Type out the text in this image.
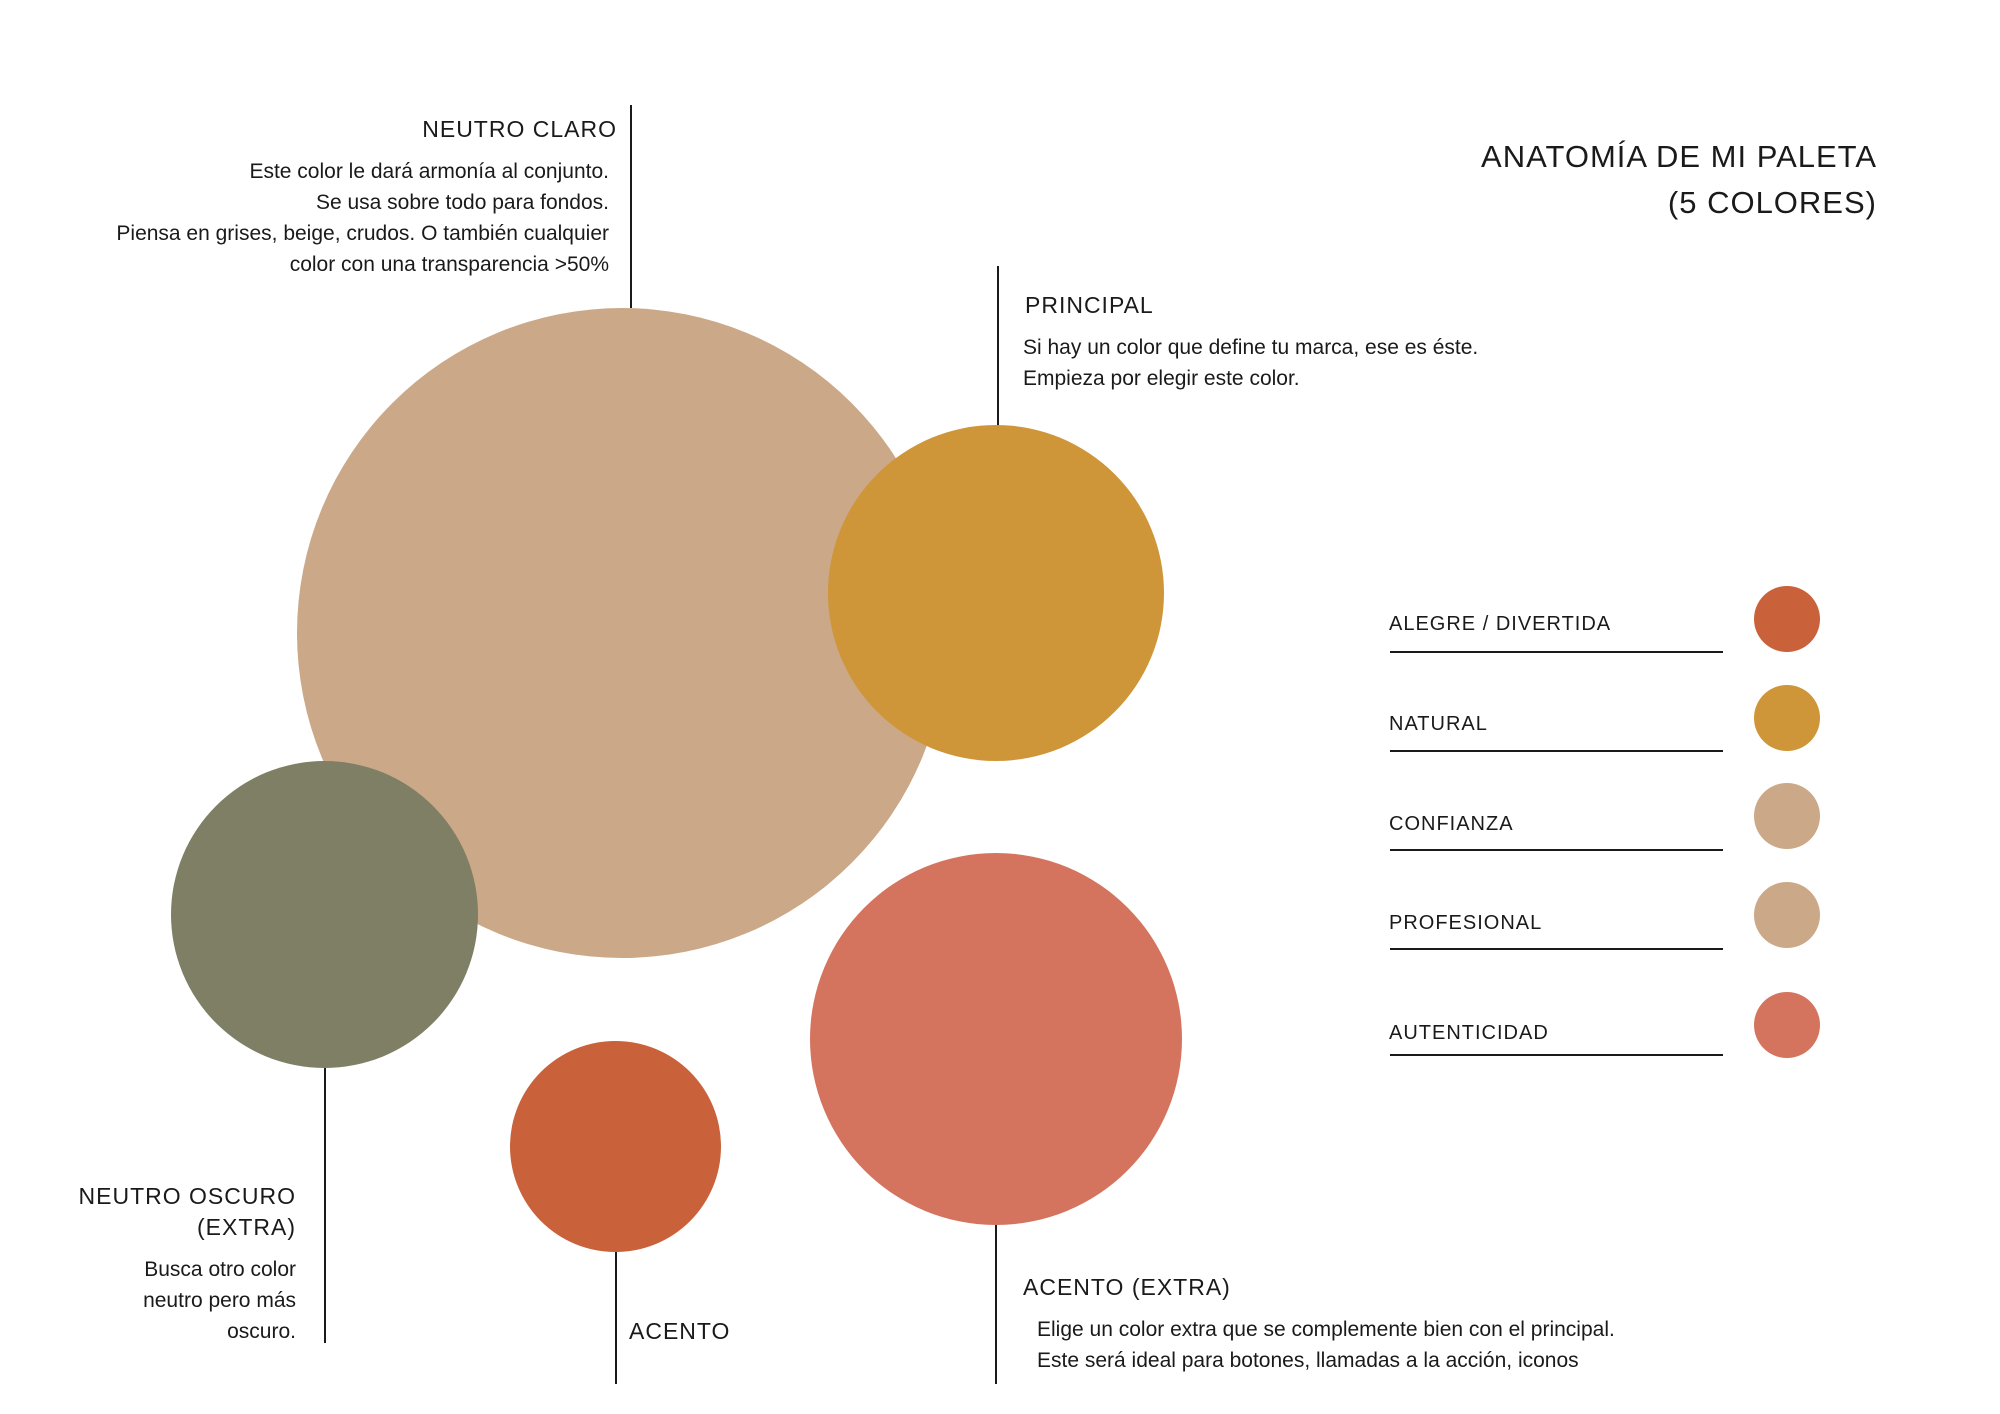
ANATOMÍA DE MI PALETA
(5 COLORES)
NEUTRO CLARO
Este color le dará armonía al conjunto.
Se usa sobre todo para fondos.
Piensa en grises, beige, crudos. O también cualquier
color con una transparencia >50%
PRINCIPAL
Si hay un color que define tu marca, ese es éste.
Empieza por elegir este color.
NEUTRO OSCURO
(EXTRA)
Busca otro color
neutro pero más
oscuro.	ACENTO
ACENTO (EXTRA)
Elige un color extra que se complemente bien con el principal.
Este será ideal para botones, llamadas a la acción, iconos
ALEGRE / DIVERTIDA
NATURAL
CONFIANZA
PROFESIONAL
AUTENTICIDAD
